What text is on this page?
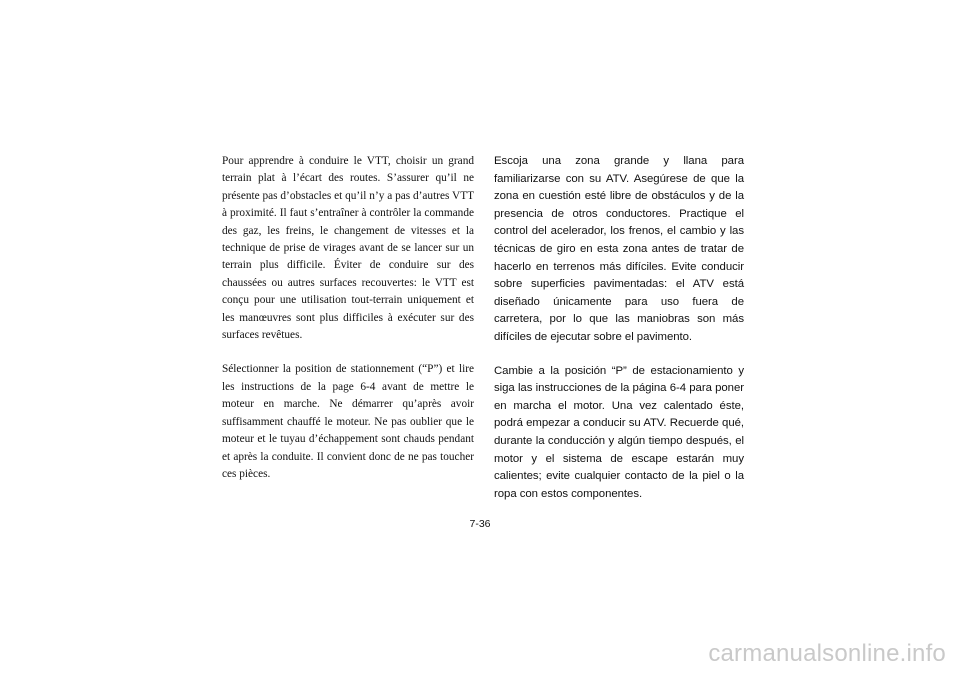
Pour apprendre à conduire le VTT, choisir un grand terrain plat à l’écart des routes. S’assurer qu’il ne présente pas d’obstacles et qu’il n’y a pas d’autres VTT à proximité. Il faut s’entraîner à contrôler la commande des gaz, les freins, le changement de vitesses et la technique de prise de virages avant de se lancer sur un terrain plus difficile. Éviter de conduire sur des chaussées ou autres surfaces recouvertes: le VTT est conçu pour une utilisation tout-terrain uniquement et les manœuvres sont plus difficiles à exécuter sur des surfaces revêtues.

Sélectionner la position de stationnement (“P”) et lire les instructions de la page 6-4 avant de mettre le moteur en marche. Ne démarrer qu’après avoir suffisamment chauffé le moteur. Ne pas oublier que le moteur et le tuyau d’échappement sont chauds pendant et après la conduite. Il convient donc de ne pas toucher ces pièces.

Escoja una zona grande y llana para familiarizarse con su ATV. Asegúrese de que la zona en cuestión esté libre de obstáculos y de la presencia de otros conductores. Practique el control del acelerador, los frenos, el cambio y las técnicas de giro en esta zona antes de tratar de hacerlo en terrenos más difíciles. Evite conducir sobre superficies pavimentadas: el ATV está diseñado únicamente para uso fuera de carretera, por lo que las maniobras son más difíciles de ejecutar sobre el pavimento.

Cambie a la posición “P” de estacionamiento y siga las instrucciones de la página 6-4 para poner en marcha el motor. Una vez calentado éste, podrá empezar a conducir su ATV. Recuerde qué, durante la conducción y algún tiempo después, el motor y el sistema de escape estarán muy calientes; evite cualquier contacto de la piel o la ropa con estos componentes.

7-36
carmanualsonline.info
